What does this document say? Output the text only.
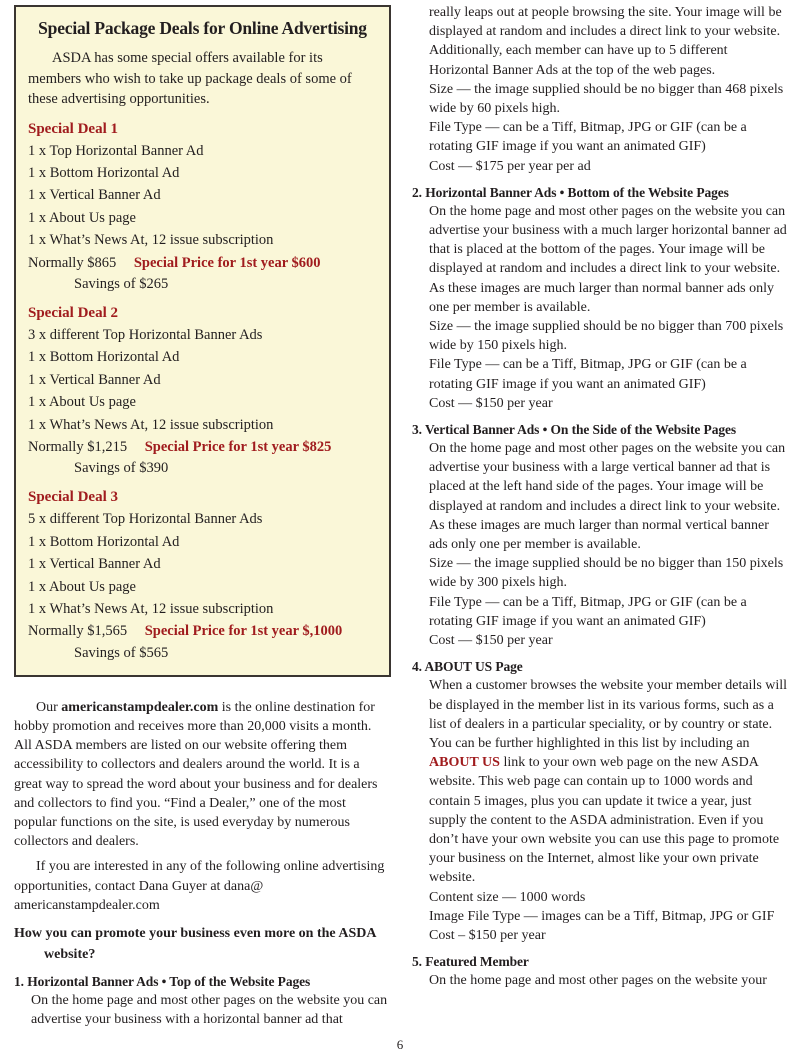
Special Package Deals for Online Advertising

ASDA has some special offers available for its members who wish to take up package deals of some of these advertising opportunities.

Special Deal 1
1 x Top Horizontal Banner Ad
1 x Bottom Horizontal Ad
1 x Vertical Banner Ad
1 x About Us page
1 x What’s News At, 12 issue subscription
Normally $865 Special Price for 1st year $600
Savings of $265
Special Deal 2
3 x different Top Horizontal Banner Ads
1 x Bottom Horizontal Ad
1 x Vertical Banner Ad
1 x About Us page
1 x What’s News At, 12 issue subscription
Normally $1,215 Special Price for 1st year $825
Savings of $390
Special Deal 3
5 x different Top Horizontal Banner Ads
1 x Bottom Horizontal Ad
1 x Vertical Banner Ad
1 x About Us page
1 x What’s News At, 12 issue subscription
Normally $1,565 Special Price for 1st year $,1000
Savings of $565

Our americanstampdealer.com is the online destination for hobby promotion and receives more than 20,000 visits a month. All ASDA members are listed on our website offering them accessibility to collectors and dealers around the world. It is a great way to spread the word about your business and for dealers and collectors to find you. “Find a Dealer,” one of the most popular functions on the site, is used everyday by numerous collectors and dealers.

If you are interested in any of the following online advertising opportunities, contact Dana Guyer at dana@ americanstampdealer.com

How you can promote your business even more on the ASDA website?

1. Horizontal Banner Ads • Top of the Website Pages

On the home page and most other pages on the website you can advertise your business with a horizontal banner ad that

really leaps out at people browsing the site. Your image will be displayed at random and includes a direct link to your website.

Additionally, each member can have up to 5 different Horizontal Banner Ads at the top of the web pages.

Size — the image supplied should be no bigger than 468 pixels wide by 60 pixels high.

File Type — can be a Tiff, Bitmap, JPG or GIF (can be a rotating GIF image if you want an animated GIF)

Cost — $175 per year per ad

2. Horizontal Banner Ads • Bottom of the Website Pages

On the home page and most other pages on the website you can advertise your business with a much larger horizontal banner ad that is placed at the bottom of the pages. Your image will be displayed at random and includes a direct link to your website.

As these images are much larger than normal banner ads only one per member is available.

Size — the image supplied should be no bigger than 700 pixels wide by 150 pixels high.

File Type — can be a Tiff, Bitmap, JPG or GIF (can be a rotating GIF image if you want an animated GIF)

Cost — $150 per year

3. Vertical Banner Ads • On the Side of the Website Pages

On the home page and most other pages on the website you can advertise your business with a large vertical banner ad that is placed at the left hand side of the pages. Your image will be displayed at random and includes a direct link to your website. As these images are much larger than normal vertical banner ads only one per member is available.

Size — the image supplied should be no bigger than 150 pixels wide by 300 pixels high.

File Type — can be a Tiff, Bitmap, JPG or GIF (can be a rotating GIF image if you want an animated GIF)

Cost — $150 per year

4. ABOUT US Page

When a customer browses the website your member details will be displayed in the member list in its various forms, such as a list of dealers in a particular speciality, or by country or state. You can be further highlighted in this list by including an ABOUT US link to your own web page on the new ASDA website. This web page can contain up to 1000 words and contain 5 images, plus you can update it twice a year, just supply the content to the ASDA administration. Even if you don’t have your own website you can use this page to promote your business on the Internet, almost like your own private website.

Content size — 1000 words

Image File Type — images can be a Tiff, Bitmap, JPG or GIF

Cost – $150 per year

5. Featured Member

On the home page and most other pages on the website your

6
